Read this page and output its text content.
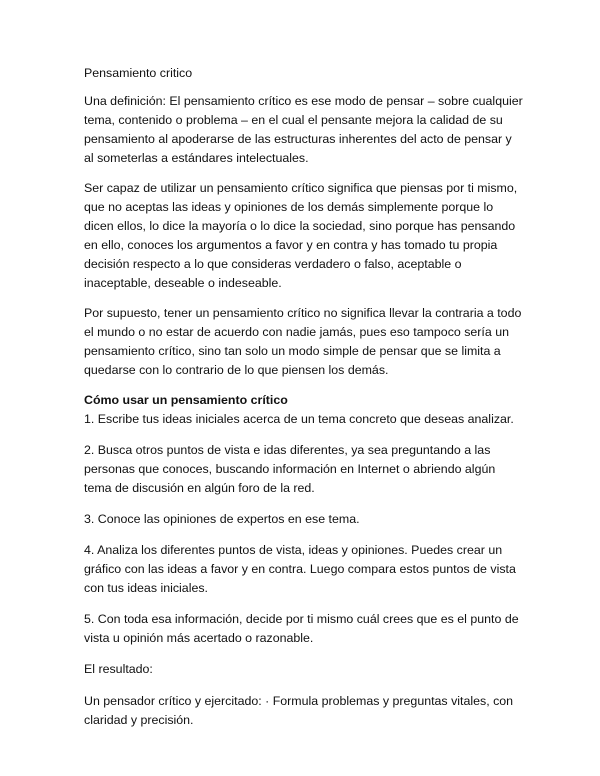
Pensamiento critico

Una definición: El pensamiento crítico es ese modo de pensar – sobre cualquier tema, contenido o problema – en el cual el pensante mejora la calidad de su pensamiento al apoderarse de las estructuras inherentes del acto de pensar y al someterlas a estándares intelectuales.

Ser capaz de utilizar un pensamiento crítico significa que piensas por ti mismo, que no aceptas las ideas y opiniones de los demás simplemente porque lo dicen ellos, lo dice la mayoría o lo dice la sociedad, sino porque has pensando en ello, conoces los argumentos a favor y en contra y has tomado tu propia decisión respecto a lo que consideras verdadero o falso, aceptable o inaceptable, deseable o indeseable.

Por supuesto, tener un pensamiento crítico no significa llevar la contraria a todo el mundo o no estar de acuerdo con nadie jamás, pues eso tampoco sería un pensamiento crítico, sino tan solo un modo simple de pensar que se limita a quedarse con lo contrario de lo que piensen los demás.

Cómo usar un pensamiento crítico

1. Escribe tus ideas iniciales acerca de un tema concreto que deseas analizar.

2. Busca otros puntos de vista e idas diferentes, ya sea preguntando a las personas que conoces, buscando información en Internet o abriendo algún tema de discusión en algún foro de la red.

3. Conoce las opiniones de expertos en ese tema.

4. Analiza los diferentes puntos de vista, ideas y opiniones. Puedes crear un gráfico con las ideas a favor y en contra. Luego compara estos puntos de vista con tus ideas iniciales.

5. Con toda esa información, decide por ti mismo cuál crees que es el punto de vista u opinión más acertado o razonable.

El resultado:

Un pensador crítico y ejercitado: · Formula problemas y preguntas vitales, con claridad y precisión.
